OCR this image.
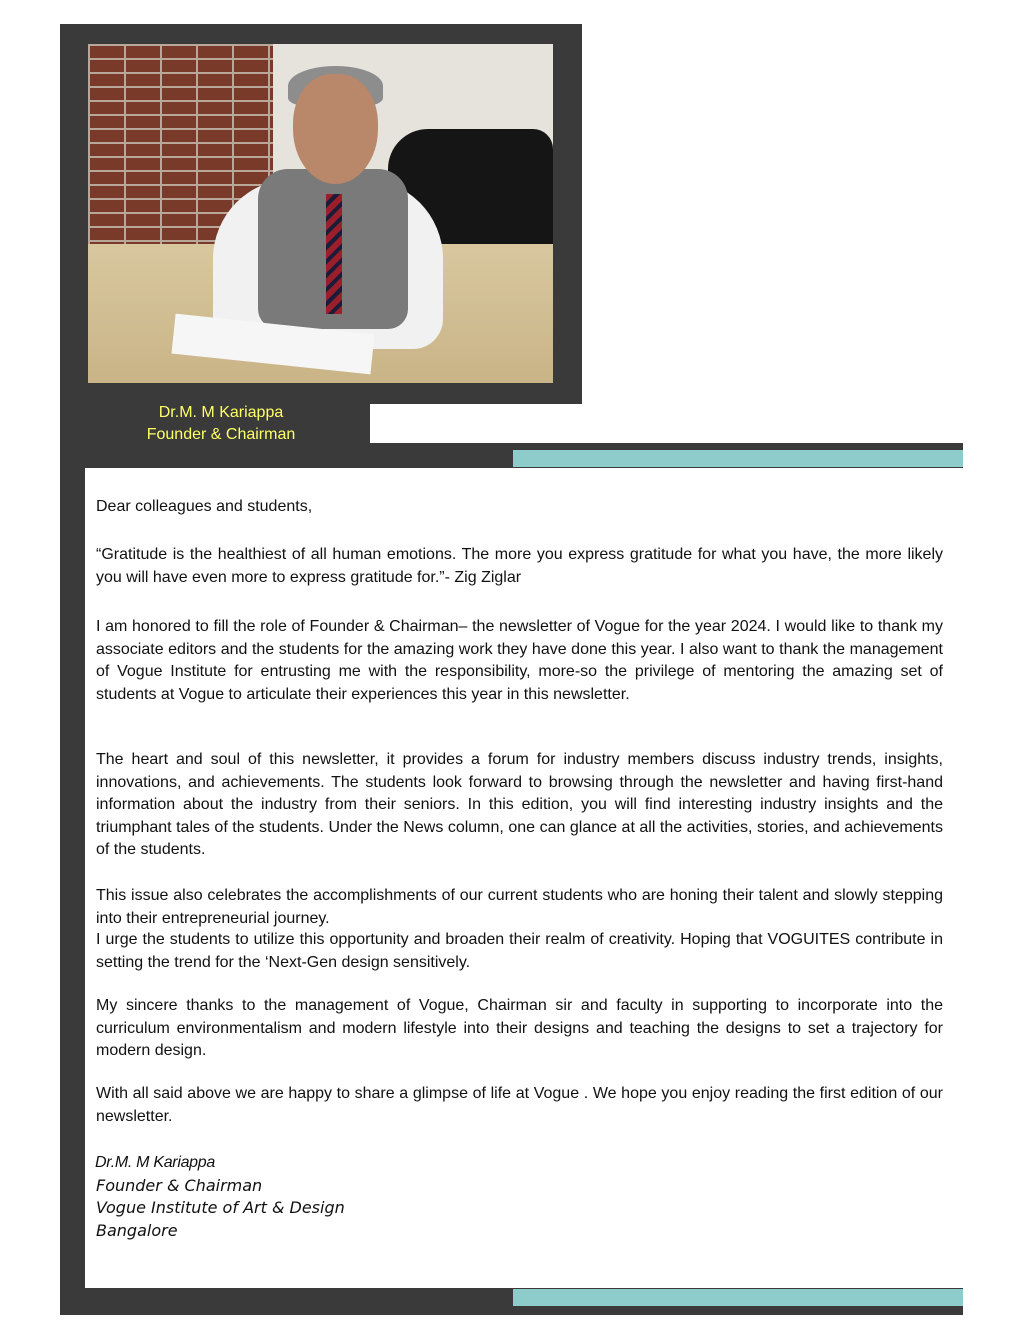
Dr.M. M Kariappa
Founder & Chairman

Dear colleagues and students,

“Gratitude is the healthiest of all human emotions. The more you express gratitude for what you have, the more likely you will have even more to express gratitude for.”- Zig Ziglar

I am honored to fill the role of Founder & Chairman– the newsletter of Vogue for the year 2024. I would like to thank my associate editors and the students for the amazing work they have done this year. I also want to thank the management of Vogue Institute for entrusting me with the responsibility, more-so the privilege of mentoring the amazing set of students at Vogue to articulate their experiences this year in this newsletter.

The heart and soul of this newsletter, it provides a forum for industry members discuss industry trends, insights, innovations, and achievements. The students look forward to browsing through the newsletter and having first-hand information about the industry from their seniors. In this edition, you will find interesting industry insights and the triumphant tales of the students. Under the News column, one can glance at all the activities, stories, and achievements of the students.

This issue also celebrates the accomplishments of our current students who are honing their talent and slowly stepping into their entrepreneurial journey.

I urge the students to utilize this opportunity and broaden their realm of creativity. Hoping that VOGUITES contribute in setting the trend for the ‘Next-Gen design sensitively.

My sincere thanks to the management of Vogue, Chairman sir and faculty in supporting to incorporate into the curriculum environmentalism and modern lifestyle into their designs and teaching the designs to set a trajectory for modern design.

With all said above we are happy to share a glimpse of life at Vogue . We hope you enjoy reading the first edition of our newsletter.

Dr.M. M Kariappa
Founder & Chairman
Vogue Institute of Art & Design
Bangalore
